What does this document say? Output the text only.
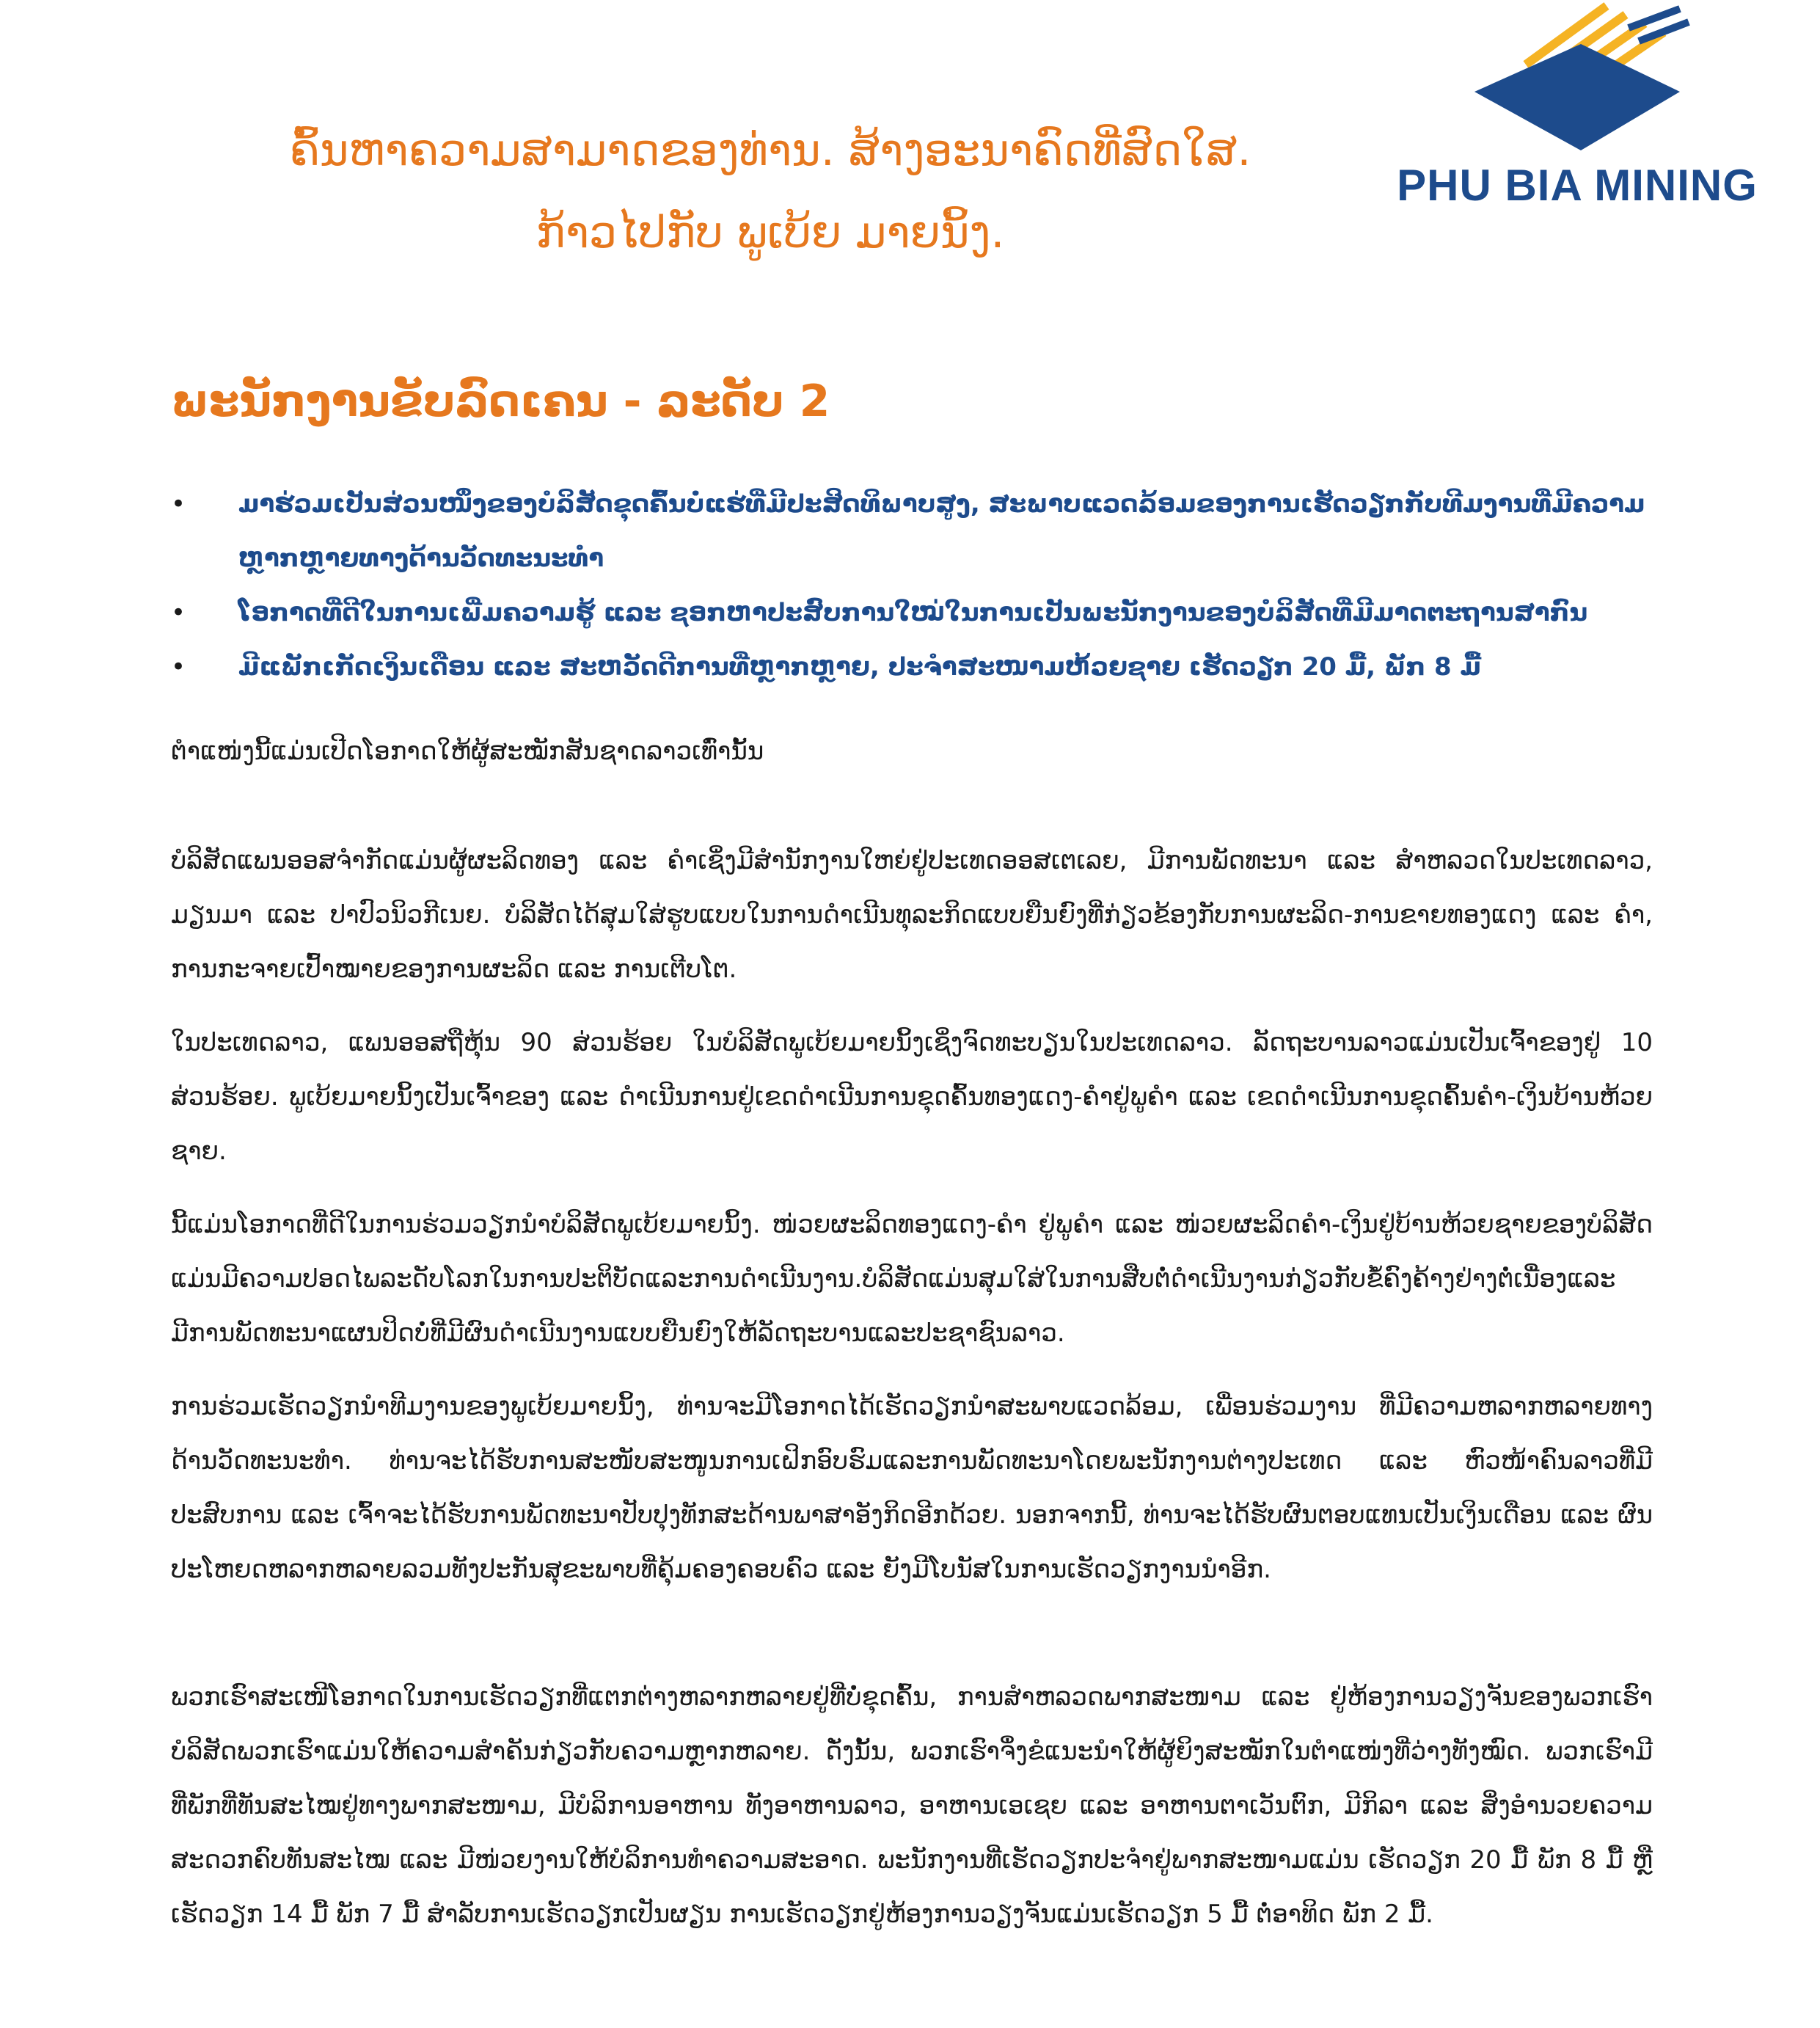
PHU BIA MINING
ຄົ້ນຫາຄວາມສາມາດຂອງທ່ານ. ສ້າງອະນາຄົດທີ່ສົດໃສ.
ກ້າວໄປກັບ ພູເບ້ຍ ມາຍນິ້ງ.
ພະນັກງານຂັບລົດເຄນ - ລະດັບ 2
• ມາຮ່ວມເປັນສ່ວນໜຶ່ງຂອງບໍລິສັດຂຸດຄົ້ນບໍ່ແຮ່ທີ່ມີປະສິດທິພາບສູງ, ສະພາບແວດລ້ອມຂອງການເຮັດວຽກກັບທີມງານທີ່ມີຄວາມຫຼາກຫຼາຍທາງດ້ານວັດທະນະທຳ
• ໂອກາດທີ່ດີໃນການເພີ່ມຄວາມຮູ້ ແລະ ຊອກຫາປະສົບການໃໝ່ໃນການເປັນພະນັກງານຂອງບໍລິສັດທີ່ມີມາດຕະຖານສາກົນ
• ມີແພັກເກັດເງິນເດືອນ ແລະ ສະຫວັດດີການທີ່ຫຼາກຫຼາຍ, ປະຈຳສະໜາມຫ້ວຍຊາຍ ເຮັດວຽກ 20 ມື້, ພັກ 8 ມື້
ຕຳແໜ່ງນີ້ແມ່ນເປີດໂອກາດໃຫ້ຜູ້ສະໝັກສັນຊາດລາວເທົ່ານັ້ນ

ບໍລິສັດແພນອອສຈຳກັດແມ່ນຜູ້ຜະລິດທອງ ແລະ ຄຳເຊິ່ງມີສຳນັກງານໃຫຍ່ຢູ່ປະເທດອອສເຕເລຍ, ມີການພັດທະນາ ແລະ ສຳຫລວດໃນປະເທດລາວ, ມຽນມາ ແລະ ປາປົວນິວກີເນຍ. ບໍລິສັດໄດ້ສຸມໃສ່ຮູບແບບໃນການດຳເນີນທຸລະກິດແບບຍືນຍົງທີ່ກ່ຽວຂ້ອງກັບການຜະລິດ-ການຂາຍທອງແດງ ແລະ ຄຳ, ການກະຈາຍເປົ້າໝາຍຂອງການຜະລິດ ແລະ ການເຕີບໂຕ.

ໃນປະເທດລາວ, ແພນອອສຖືຫຸ້ນ 90 ສ່ວນຮ້ອຍ ໃນບໍລິສັດພູເບ້ຍມາຍນິ້ງເຊິ່ງຈົດທະບຽນໃນປະເທດລາວ. ລັດຖະບານລາວແມ່ນເປັນເຈົ້າຂອງຢູ່ 10 ສ່ວນຮ້ອຍ. ພູເບ້ຍມາຍນິ້ງເປັນເຈົ້າຂອງ ແລະ ດຳເນີນການຢູ່ເຂດດຳເນີນການຂຸດຄົ້ນທອງແດງ-ຄຳຢູ່ພູຄຳ ແລະ ເຂດດຳເນີນການຂຸດຄົ້ນຄຳ-ເງິນບ້ານຫ້ວຍຊາຍ.

ນີ້ແມ່ນໂອກາດທີ່ດີໃນການຮ່ວມວຽກນຳບໍລິສັດພູເບ້ຍມາຍນິ້ງ. ໜ່ວຍຜະລິດທອງແດງ-ຄຳ ຢູ່ພູຄຳ ແລະ ໜ່ວຍຜະລິດຄຳ-ເງິນຢູ່ບ້ານຫ້ວຍຊາຍຂອງບໍລິສັດແມ່ນມີຄວາມປອດໄພລະດັບໂລກໃນການປະຕິບັດແລະການດຳເນີນງານ.ບໍລິສັດແມ່ນສຸມໃສ່ໃນການສືບຕໍ່ດຳເນີນງານກ່ຽວກັບຂໍ້ຄົງຄ້າງຢ່າງຕໍ່ເນື່ອງແລະມີການພັດທະນາແຜນປິດບໍ່ທີ່ມີຜົນດຳເນີນງານແບບຍືນຍົງໃຫ້ລັດຖະບານແລະປະຊາຊົນລາວ.

ການຮ່ວມເຮັດວຽກນຳທີມງານຂອງພູເບ້ຍມາຍນິ້ງ, ທ່ານຈະມີໂອກາດໄດ້ເຮັດວຽກນຳສະພາບແວດລ້ອມ, ເພື່ອນຮ່ວມງານ ທີ່ມີຄວາມຫລາກຫລາຍທາງດ້ານວັດທະນະທຳ. ທ່ານຈະໄດ້ຮັບການສະໜັບສະໜູນການເຝິກອົບຮົມແລະການພັດທະນາໂດຍພະນັກງານຕ່າງປະເທດ ແລະ ຫົວໜ້າຄົນລາວທີ່ມີປະສົບການ ແລະ ເຈົ້າຈະໄດ້ຮັບການພັດທະນາປັບປຸງທັກສະດ້ານພາສາອັງກິດອີກດ້ວຍ. ນອກຈາກນີ້, ທ່ານຈະໄດ້ຮັບຜົນຕອບແທນເປັນເງິນເດືອນ ແລະ ຜົນປະໂຫຍດຫລາກຫລາຍລວມທັງປະກັນສຸຂະພາບທີ່ຄຸ້ມຄອງຄອບຄົວ ແລະ ຍັງມີໂບນັສໃນການເຮັດວຽກງານນຳອີກ.

ພວກເຮົາສະເໜີໂອກາດໃນການເຮັດວຽກທີ່ແຕກຕ່າງຫລາກຫລາຍຢູ່ທີ່ບໍ່ຂຸດຄົ້ນ, ການສຳຫລວດພາກສະໜາມ ແລະ ຢູ່ຫ້ອງການວຽງຈັນຂອງພວກເຮົາບໍລິສັດພວກເຮົາແມ່ນໃຫ້ຄວາມສຳຄັນກ່ຽວກັບຄວາມຫຼາກຫລາຍ. ດັ່ງນັ້ນ, ພວກເຮົາຈຶ່ງຂໍແນະນຳໃຫ້ຜູ້ຍິງສະໝັກໃນຕຳແໜ່ງທີ່ວ່າງທັງໝົດ. ພວກເຮົາມີທີ່ພັກທີ່ທັນສະໄໝຢູ່ທາງພາກສະໜາມ, ມີບໍລິການອາຫານ ທັງອາຫານລາວ, ອາຫານເອເຊຍ ແລະ ອາຫານຕາເວັນຕົກ, ມີກິລາ ແລະ ສິ່ງອຳນວຍຄວາມສະດວກຄົບທັນສະໄໝ ແລະ ມີໜ່ວຍງານໃຫ້ບໍລິການທຳຄວາມສະອາດ. ພະນັກງານທີ່ເຮັດວຽກປະຈຳຢູ່ພາກສະໜາມແມ່ນ ເຮັດວຽກ 20 ມື້ ພັກ 8 ມື້ ຫຼື ເຮັດວຽກ 14 ມື້ ພັກ 7 ມື້ ສຳລັບການເຮັດວຽກເປັນຜຽນ ການເຮັດວຽກຢູ່ຫ້ອງການວຽງຈັນແມ່ນເຮັດວຽກ 5 ມື້ ຕໍ່ອາທິດ ພັກ 2 ມື້.
